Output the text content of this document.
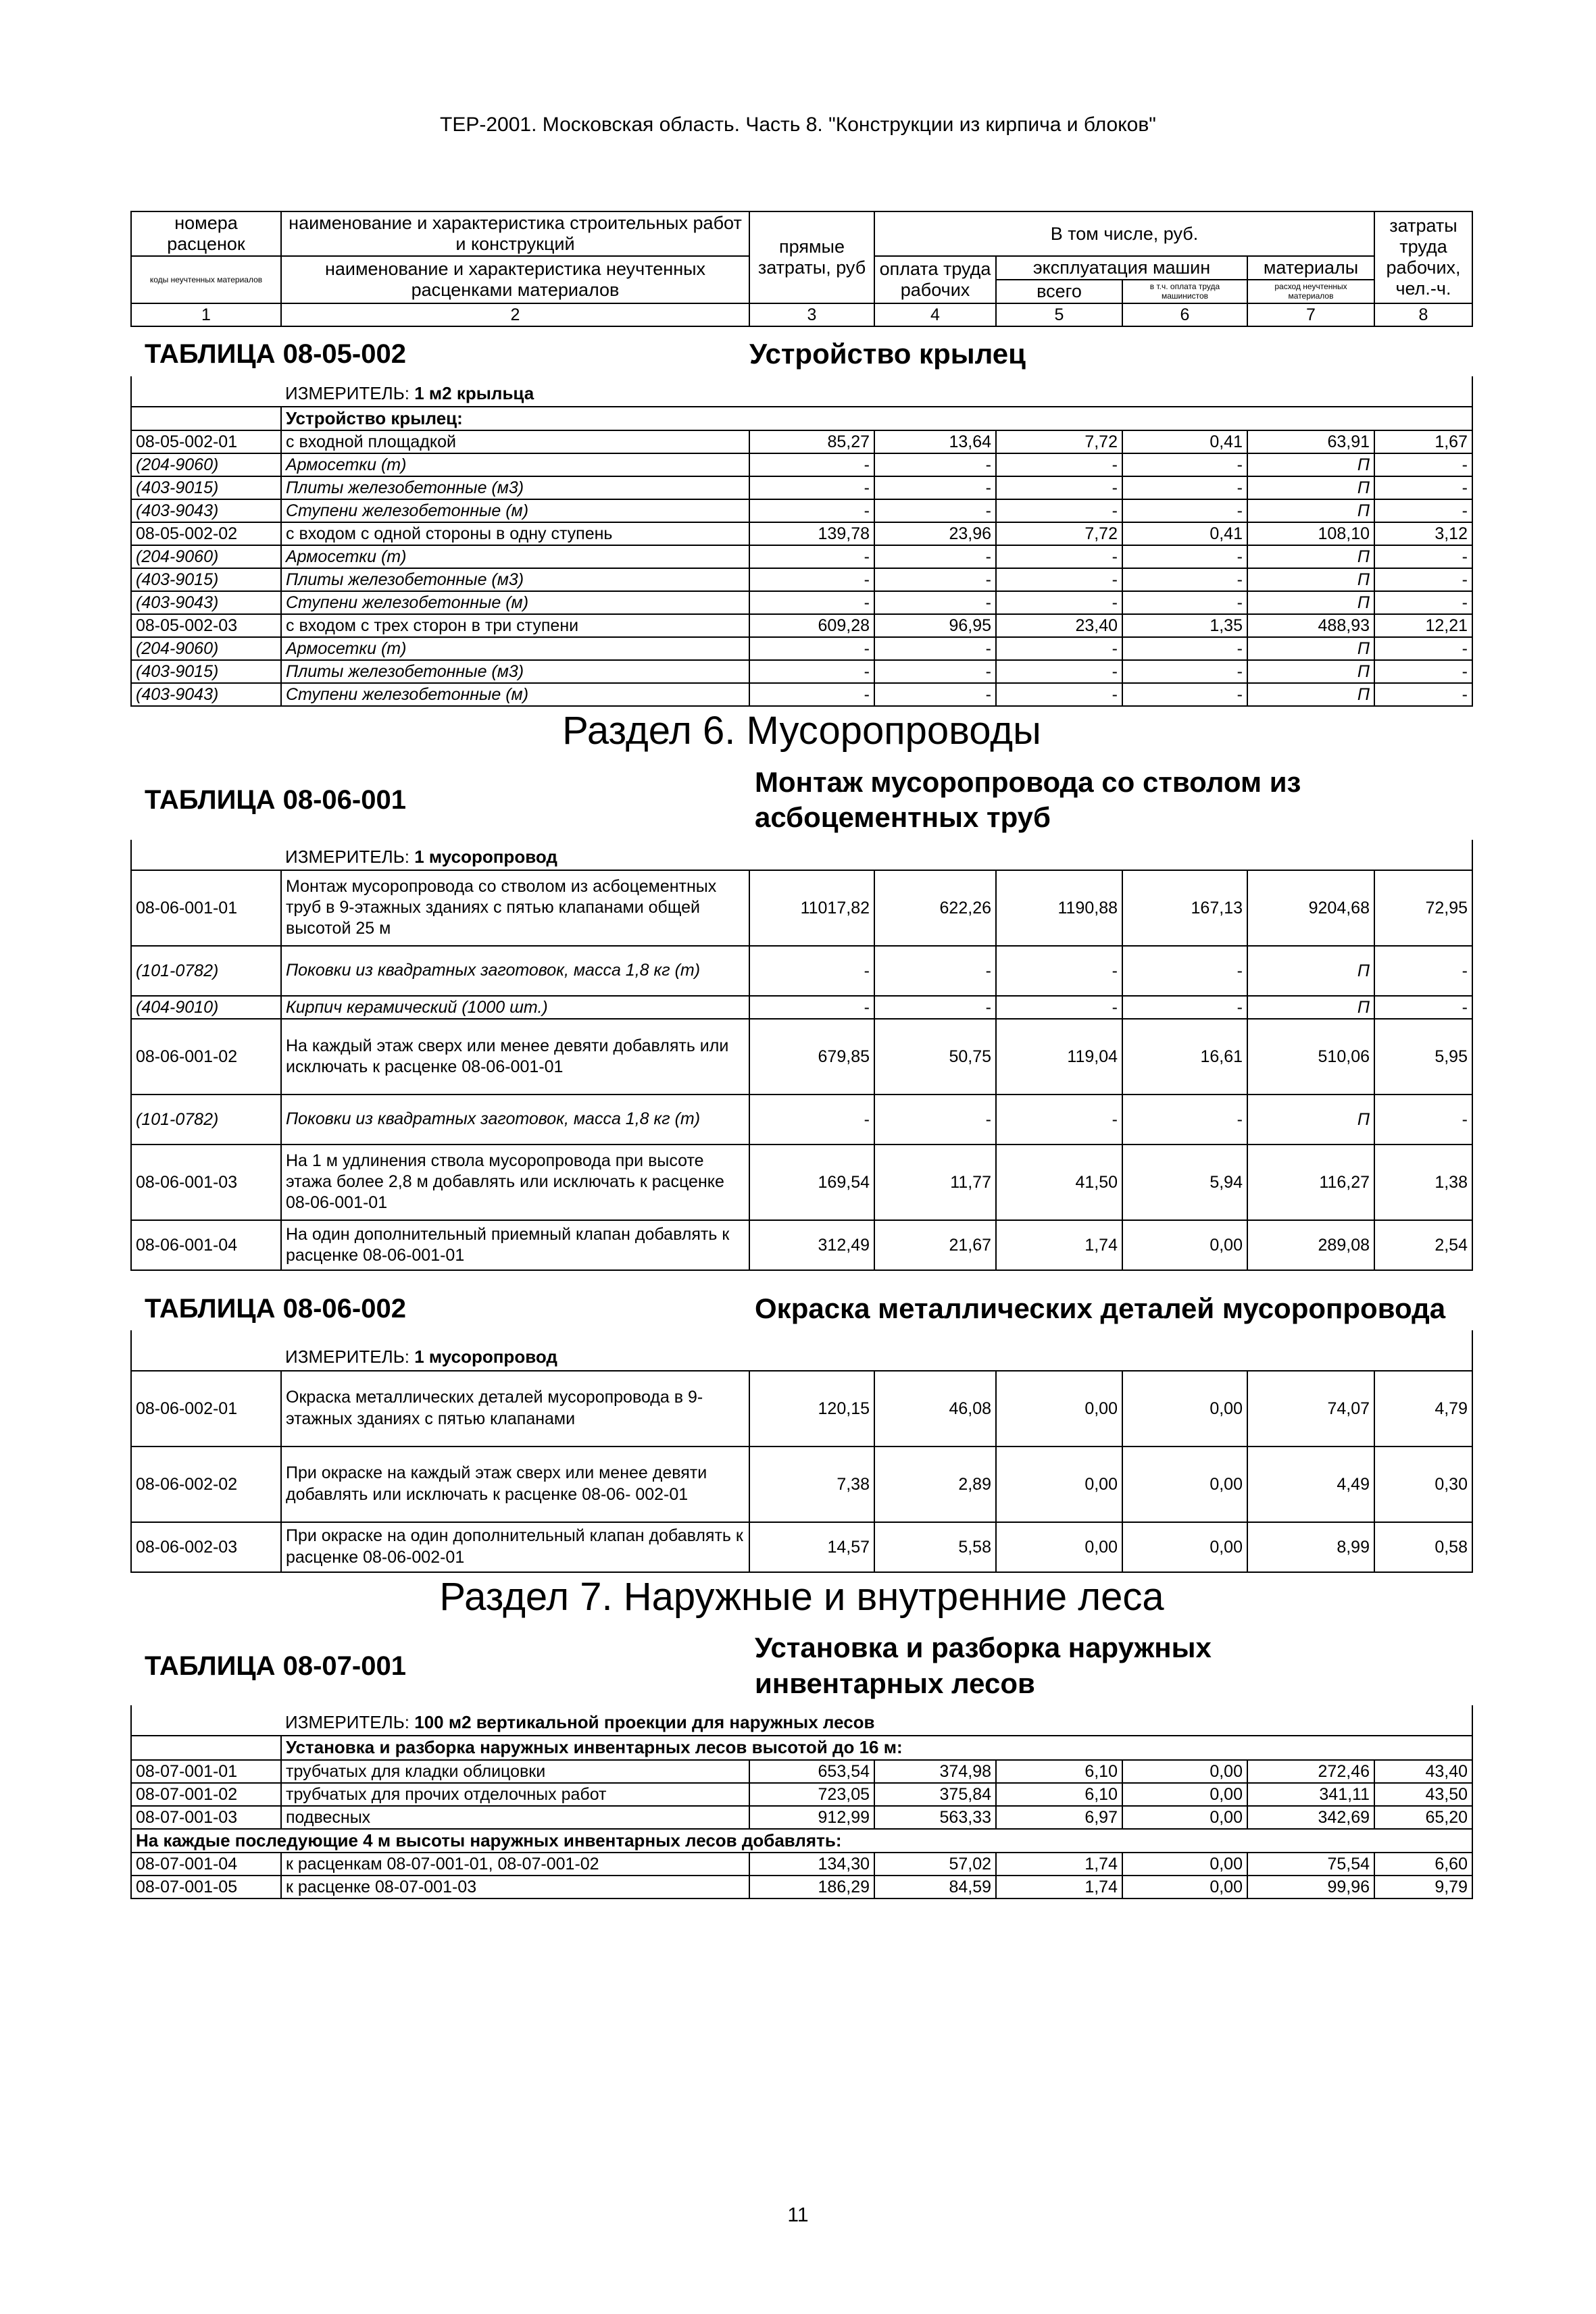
ТЕР-2001. Московская область. Часть 8. "Конструкции из кирпича и блоков"
номера расценок	наименование и характеристика строительных работ и конструкций	прямые затраты, руб	В том числе, руб.	затраты труда рабочих, чел.-ч.
коды неучтенных материалов	наименование и характеристика неучтенных расценками материалов	оплата труда рабочих	эксплуатация машин	материалы
всего	в т.ч. оплата труда машинистов	расход неучтенных материалов
1	2	3	4	5	6	7	8
ТАБЛИЦА 08-05-002	Устройство крылец
	ИЗМЕРИТЕЛЬ: 1 м2 крыльца
	Устройство крылец:
08-05-002-01	с входной площадкой	85,27	13,64	7,72	0,41	63,91	1,67
(204-9060)	Армосетки (т)	-	-	-	-	П	-
(403-9015)	Плиты железобетонные (м3)	-	-	-	-	П	-
(403-9043)	Ступени железобетонные (м)	-	-	-	-	П	-
08-05-002-02	с входом с одной стороны в одну ступень	139,78	23,96	7,72	0,41	108,10	3,12
(204-9060)	Армосетки (т)	-	-	-	-	П	-
(403-9015)	Плиты железобетонные (м3)	-	-	-	-	П	-
(403-9043)	Ступени железобетонные (м)	-	-	-	-	П	-
08-05-002-03	с входом с трех сторон в три ступени	609,28	96,95	23,40	1,35	488,93	12,21
(204-9060)	Армосетки (т)	-	-	-	-	П	-
(403-9015)	Плиты железобетонные (м3)	-	-	-	-	П	-
(403-9043)	Ступени железобетонные (м)	-	-	-	-	П	-
Раздел 6. Мусоропроводы
ТАБЛИЦА 08-06-001	Монтаж мусоропровода со стволом из асбоцементных труб
	ИЗМЕРИТЕЛЬ: 1 мусоропровод
08-06-001-01	Монтаж мусоропровода со стволом из асбоцементных труб в 9-этажных зданиях с пятью клапанами общей высотой 25 м	11017,82	622,26	1190,88	167,13	9204,68	72,95
(101-0782)	Поковки из квадратных заготовок, масса 1,8 кг (т)	-	-	-	-	П	-
(404-9010)	Кирпич керамический (1000 шт.)	-	-	-	-	П	-
08-06-001-02	На каждый этаж сверх или менее девяти добавлять или исключать к расценке 08-06-001-01	679,85	50,75	119,04	16,61	510,06	5,95
(101-0782)	Поковки из квадратных заготовок, масса 1,8 кг (т)	-	-	-	-	П	-
08-06-001-03	На 1 м удлинения ствола мусоропровода при высоте этажа более 2,8 м добавлять или исключать к расценке 08-06-001-01	169,54	11,77	41,50	5,94	116,27	1,38
08-06-001-04	На один дополнительный приемный клапан добавлять к расценке 08-06-001-01	312,49	21,67	1,74	0,00	289,08	2,54
ТАБЛИЦА 08-06-002	Окраска металлических деталей мусоропровода
	ИЗМЕРИТЕЛЬ: 1 мусоропровод
08-06-002-01	Окраска металлических деталей мусоропровода в 9-этажных зданиях с пятью клапанами	120,15	46,08	0,00	0,00	74,07	4,79
08-06-002-02	При окраске на каждый этаж сверх или менее девяти добавлять или исключать к расценке 08-06- 002-01	7,38	2,89	0,00	0,00	4,49	0,30
08-06-002-03	При окраске на один дополнительный клапан добавлять к расценке 08-06-002-01	14,57	5,58	0,00	0,00	8,99	0,58
Раздел 7. Наружные и внутренние леса
ТАБЛИЦА 08-07-001	Установка и разборка наружных инвентарных лесов
	ИЗМЕРИТЕЛЬ: 100 м2 вертикальной проекции для наружных лесов
	Установка и разборка наружных инвентарных лесов высотой до 16 м:
08-07-001-01	трубчатых для кладки облицовки	653,54	374,98	6,10	0,00	272,46	43,40
08-07-001-02	трубчатых для прочих отделочных работ	723,05	375,84	6,10	0,00	341,11	43,50
08-07-001-03	подвесных	912,99	563,33	6,97	0,00	342,69	65,20
На каждые последующие 4 м высоты наружных инвентарных лесов добавлять:
08-07-001-04	к расценкам 08-07-001-01, 08-07-001-02	134,30	57,02	1,74	0,00	75,54	6,60
08-07-001-05	к расценке 08-07-001-03	186,29	84,59	1,74	0,00	99,96	9,79
11
